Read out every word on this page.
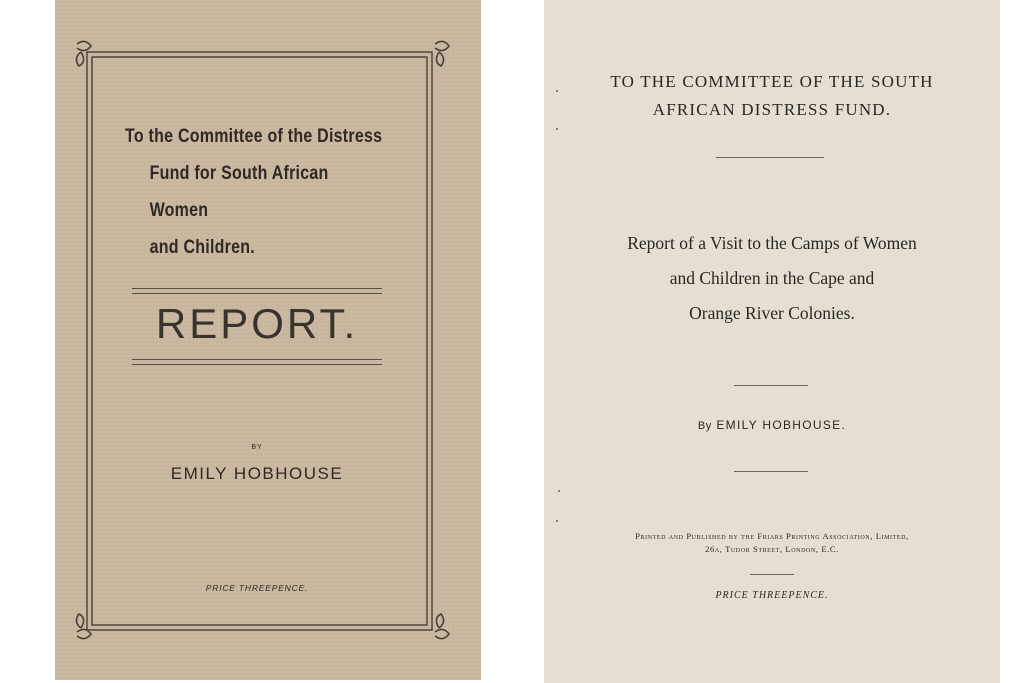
To the Committee of the Distress
Fund for South African Women
and Children.
REPORT.
BY
EMILY HOBHOUSE
PRICE THREEPENCE.
TO THE COMMITTEE OF THE SOUTH
AFRICAN DISTRESS FUND.
Report of a Visit to the Camps of Women
and Children in the Cape and
Orange River Colonies.
By EMILY HOBHOUSE.
Printed and Published by the Friars Printing Association, Limited,
26a, Tudor Street, London, E.C.
PRICE THREEPENCE.
